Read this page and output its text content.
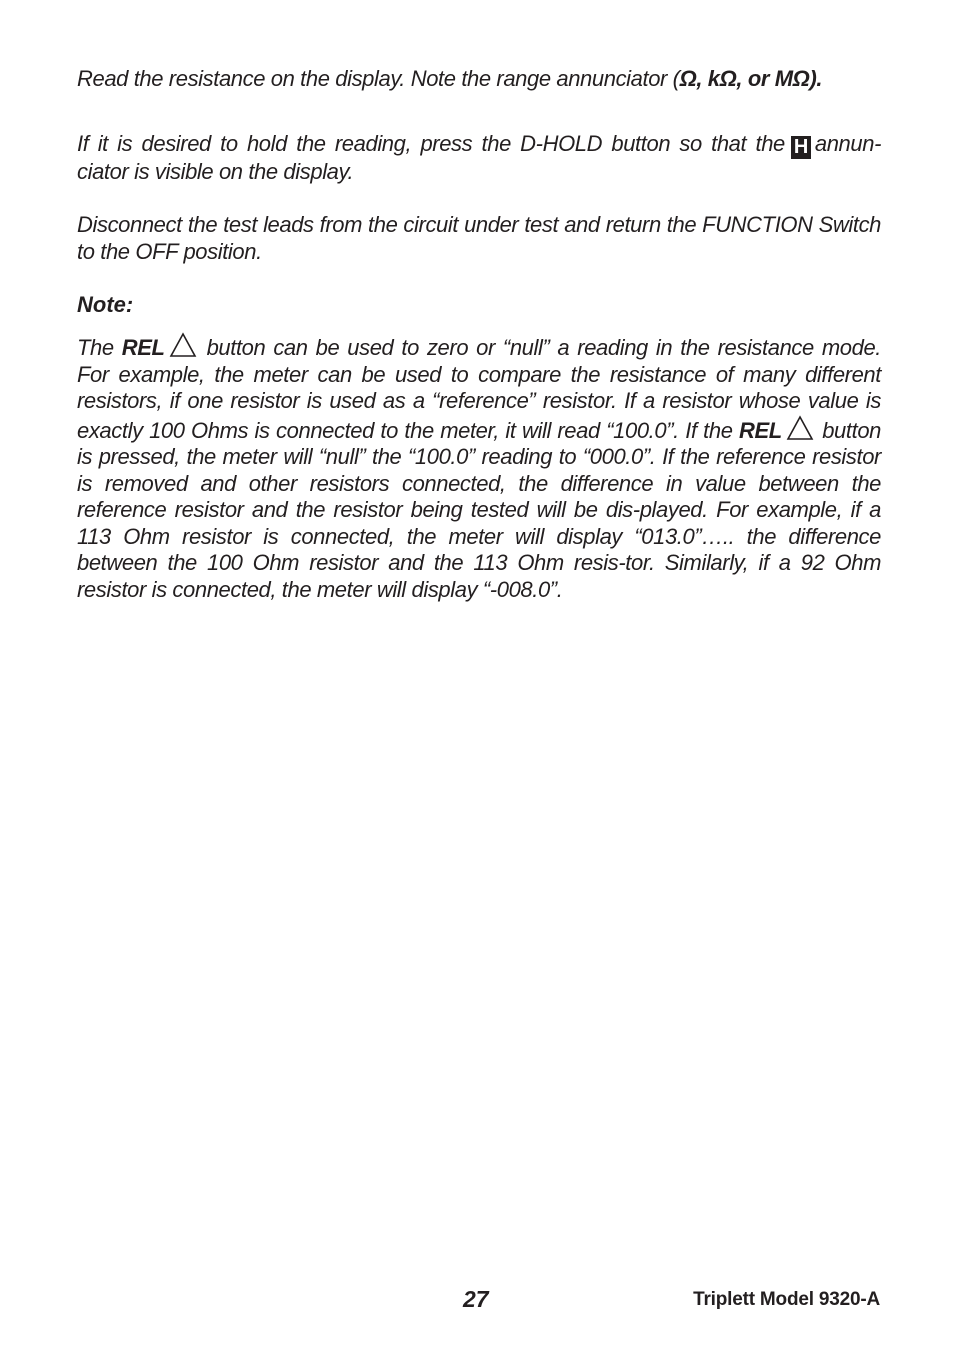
Read the resistance on the display. Note the range annunciator (Ω, kΩ, or MΩ).

If it is desired to hold the reading, press the D-HOLD button so that the H annun-ciator is visible on the display.

Disconnect the test leads from the circuit under test and return the FUNCTION Switch to the OFF position.

Note:

The REL button can be used to zero or “null” a reading in the resistance mode. For example, the meter can be used to compare the resistance of many different resistors, if one resistor is used as a “reference” resistor. If a resistor whose value is exactly 100 Ohms is connected to the meter, it will read “100.0”. If the REL button is pressed, the meter will “null” the “100.0” reading to “000.0”. If the reference resistor is removed and other resistors connected, the difference in value between the reference resistor and the resistor being tested will be dis-played. For example, if a 113 Ohm resistor is connected, the meter will display “013.0”….. the difference between the 100 Ohm resistor and the 113 Ohm resis-tor. Similarly, if a 92 Ohm resistor is connected, the meter will display “-008.0”.

27	Triplett Model 9320-A
